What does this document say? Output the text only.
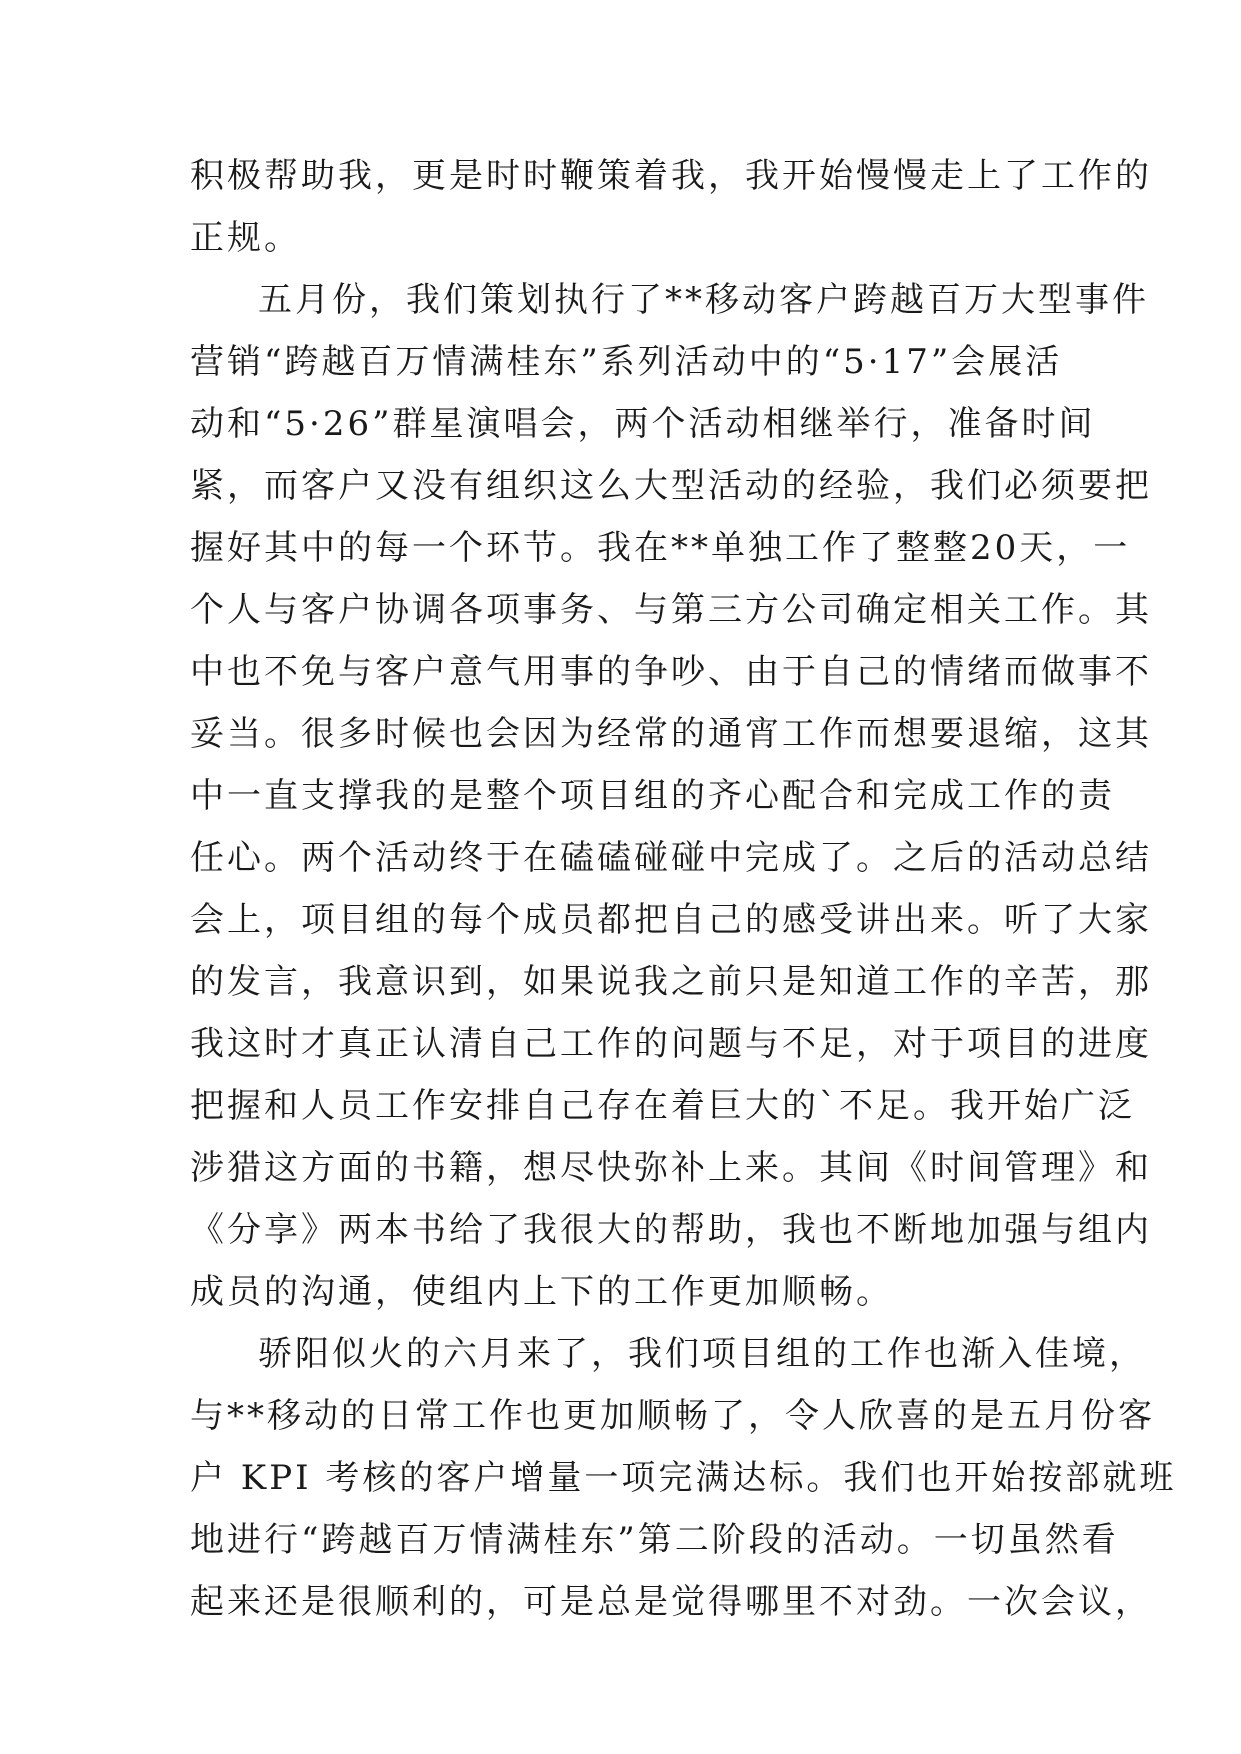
积极帮助我，更是时时鞭策着我，我开始慢慢走上了工作的
正规。
五月份，我们策划执行了**移动客户跨越百万大型事件
营销“跨越百万情满桂东”系列活动中的“5·17”会展活
动和“5·26”群星演唱会，两个活动相继举行，准备时间
紧，而客户又没有组织这么大型活动的经验，我们必须要把
握好其中的每一个环节。我在**单独工作了整整20天，一
个人与客户协调各项事务、与第三方公司确定相关工作。其
中也不免与客户意气用事的争吵、由于自己的情绪而做事不
妥当。很多时候也会因为经常的通宵工作而想要退缩，这其
中一直支撑我的是整个项目组的齐心配合和完成工作的责
任心。两个活动终于在磕磕碰碰中完成了。之后的活动总结
会上，项目组的每个成员都把自己的感受讲出来。听了大家
的发言，我意识到，如果说我之前只是知道工作的辛苦，那
我这时才真正认清自己工作的问题与不足，对于项目的进度
把握和人员工作安排自己存在着巨大的`不足。我开始广泛
涉猎这方面的书籍，想尽快弥补上来。其间《时间管理》和
《分享》两本书给了我很大的帮助，我也不断地加强与组内
成员的沟通，使组内上下的工作更加顺畅。
骄阳似火的六月来了，我们项目组的工作也渐入佳境，
与**移动的日常工作也更加顺畅了，令人欣喜的是五月份客
户 KPI 考核的客户增量一项完满达标。我们也开始按部就班
地进行“跨越百万情满桂东”第二阶段的活动。一切虽然看
起来还是很顺利的，可是总是觉得哪里不对劲。一次会议，
